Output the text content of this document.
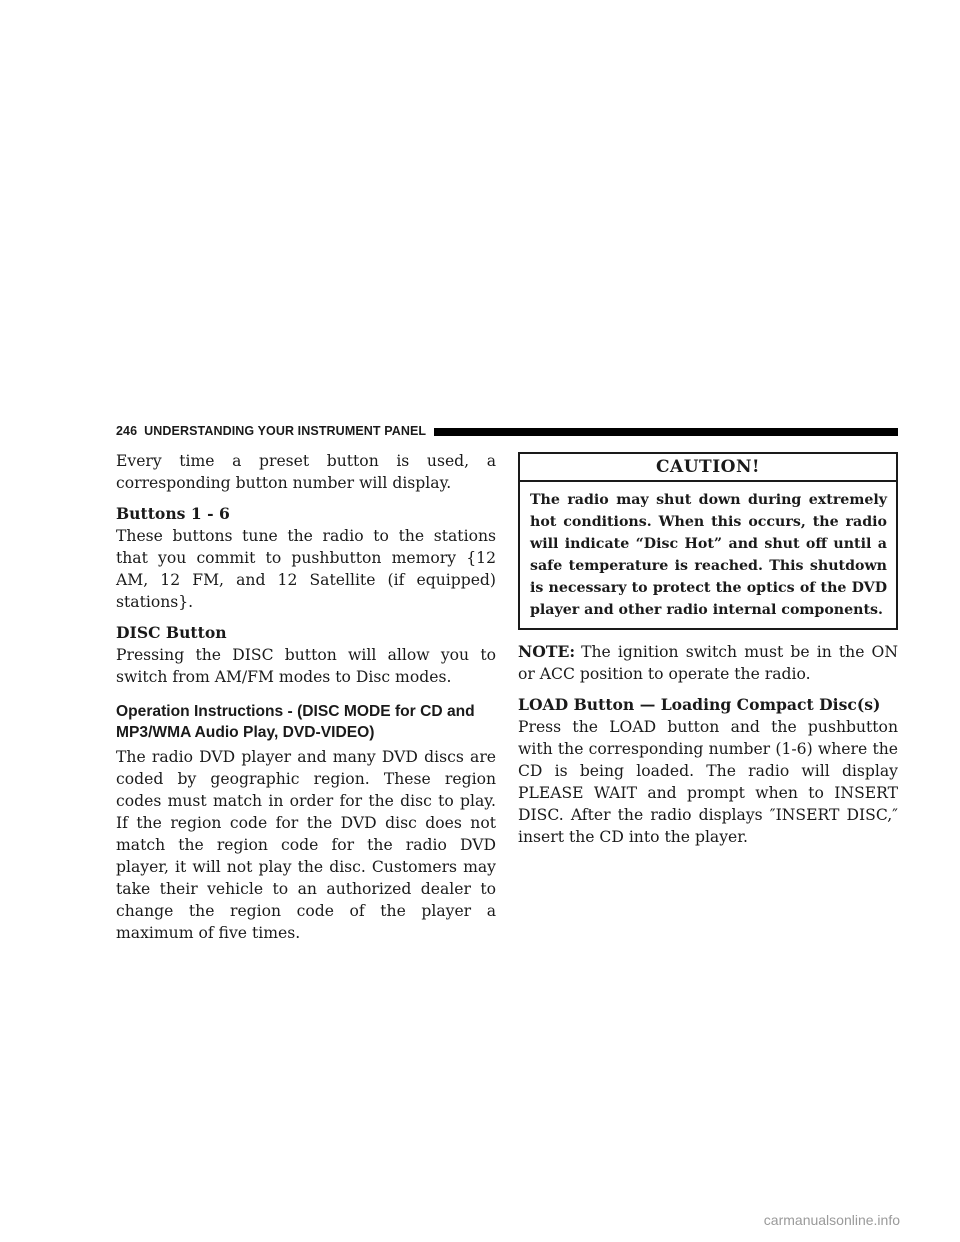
246 UNDERSTANDING YOUR INSTRUMENT PANEL

Every time a preset button is used, a corresponding button number will display.

Buttons 1 - 6

These buttons tune the radio to the stations that you commit to pushbutton memory {12 AM, 12 FM, and 12 Satellite (if equipped) stations}.

DISC Button

Pressing the DISC button will allow you to switch from AM/FM modes to Disc modes.

Operation Instructions - (DISC MODE for CD and MP3/WMA Audio Play, DVD-VIDEO)

The radio DVD player and many DVD discs are coded by geographic region. These region codes must match in order for the disc to play. If the region code for the DVD disc does not match the region code for the radio DVD player, it will not play the disc. Customers may take their vehicle to an authorized dealer to change the region code of the player a maximum of five times.

CAUTION!
The radio may shut down during extremely hot conditions. When this occurs, the radio will indicate “Disc Hot” and shut off until a safe temperature is reached. This shutdown is necessary to protect the optics of the DVD player and other radio internal components.

NOTE: The ignition switch must be in the ON or ACC position to operate the radio.

LOAD Button — Loading Compact Disc(s)

Press the LOAD button and the pushbutton with the corresponding number (1-6) where the CD is being loaded. The radio will display PLEASE WAIT and prompt when to INSERT DISC. After the radio displays ″INSERT DISC,″ insert the CD into the player.

carmanualsonline.info
